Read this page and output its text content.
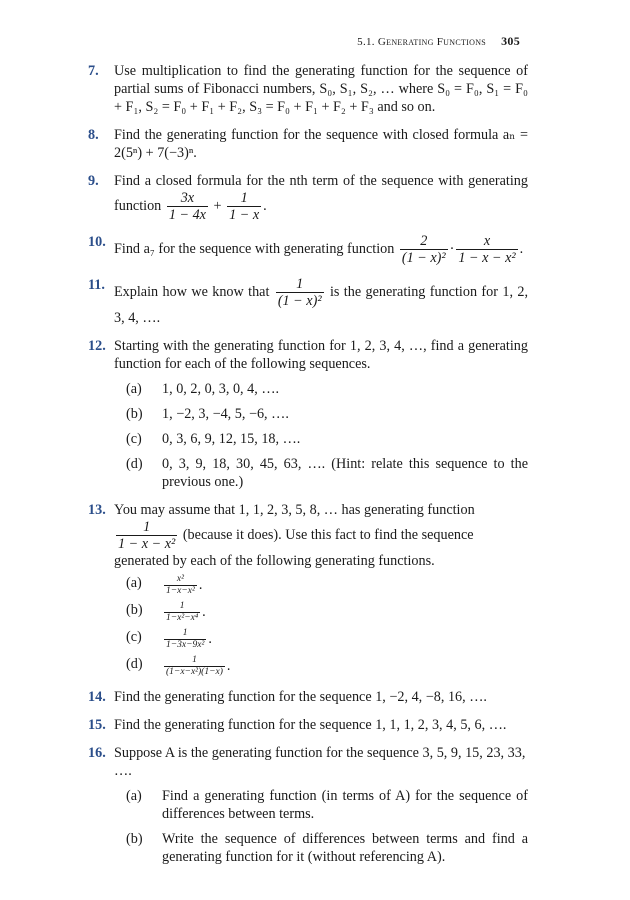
5.1. Generating Functions 305
7. Use multiplication to find the generating function for the sequence of partial sums of Fibonacci numbers, S₀, S₁, S₂, … where S₀ = F₀, S₁ = F₀ + F₁, S₂ = F₀ + F₁ + F₂, S₃ = F₀ + F₁ + F₂ + F₃ and so on.
8. Find the generating function for the sequence with closed formula aₙ = 2(5ⁿ) + 7(−3)ⁿ.
9. Find a closed formula for the nth term of the sequence with generating function $\frac{3x}{1 - 4x} + \frac{1}{1 - x}$ .
10. Find a₇ for the sequence with generating function $\frac{2}{\text{(1 − x)²}} \cdot \frac{x}{\text{1 − x − x²}}$ .
11. Explain how we know that $\frac{1}{\text{(1 − x)²}}$ is the generating function for 1, 2, 3, 4, ….
12. Starting with the generating function for 1, 2, 3, 4, …, find a generating function for each of the following sequences.
(a) 1, 0, 2, 0, 3, 0, 4, ….
(b) 1, −2, 3, −4, 5, −6, ….
(c) 0, 3, 6, 9, 12, 15, 18, ….
(d) 0, 3, 9, 18, 30, 45, 63, …. (Hint: relate this sequence to the previous one.)
13. You may assume that 1, 1, 2, 3, 5, 8, … has generating function
$\frac{1}{\text{1 − x − x²}}$ (because it does). Use this fact to find the sequence generated by each of the following generating functions.
$(a) \frac{\text{x²}}{\text{1−x−x²}}$ .
$(b) \frac{1}{\text{1−x²−x⁴}}$ .
$(c) \frac{1}{\text{1−3x−9x²}}$ .
$(d) \frac{1}{\text{(1−x−x²)(1−x)}}$ .
14. Find the generating function for the sequence 1, −2, 4, −8, 16, ….
15. Find the generating function for the sequence 1, 1, 1, 2, 3, 4, 5, 6, ….
16. Suppose A is the generating function for the sequence 3, 5, 9, 15, 23, 33, ….
(a) Find a generating function (in terms of A) for the sequence of differences between terms.
(b) Write the sequence of differences between terms and find a generating function for it (without referencing A).
